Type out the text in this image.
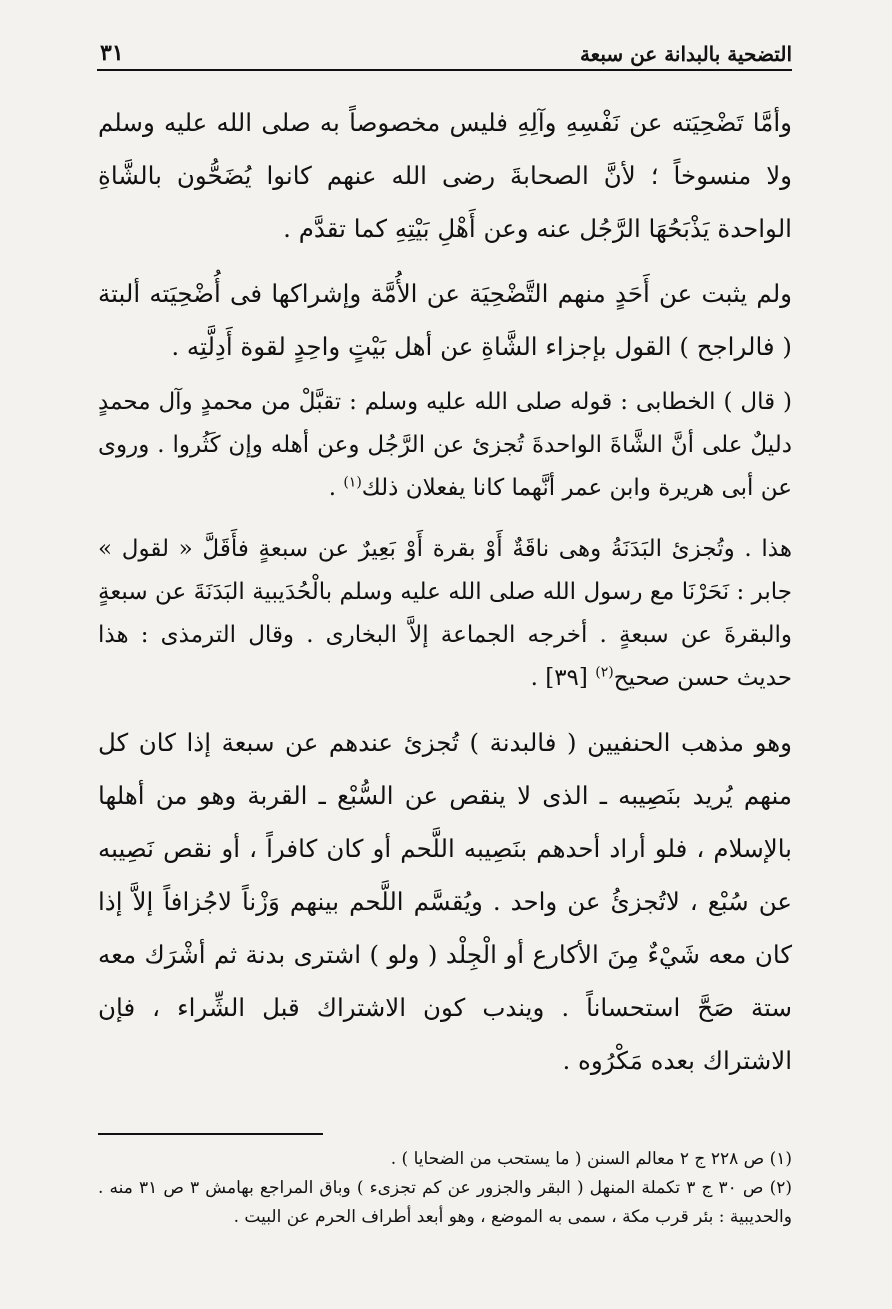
التضحية بالبدانة عن سبعة
٣١

وأمَّا تَضْحِيَته عن نَفْسِهِ وآلِهِ فليس مخصوصاً به صلى الله عليه وسلم ولا منسوخاً ؛ لأنَّ الصحابةَ رضى الله عنهم كانوا يُضَحُّون بالشَّاةِ الواحدة يَذْبَحُهَا الرَّجُل عنه وعن أَهْلِ بَيْتِهِ كما تقدَّم .

ولم يثبت عن أَحَدٍ منهم التَّضْحِيَة عن الأُمَّة وإشراكها فى أُضْحِيَته ألبتة ( فالراجح ) القول بإجزاء الشَّاةِ عن أهل بَيْتٍ واحِدٍ لقوة أَدِلَّتِه .

( قال ) الخطابى : قوله صلى الله عليه وسلم : تقبَّلْ من محمدٍ وآل محمدٍ دليلٌ على أنَّ الشَّاةَ الواحدةَ تُجزئ عن الرَّجُل وعن أهله وإن كَثُروا . وروى عن أبى هريرة وابن عمر أنَّهما كانا يفعلان ذلك$^{(١)}$ .

هذا . وتُجزئ البَدَنَةُ وهى ناقَةٌ أَوْ بقرة أَوْ بَعِيرٌ عن سبعةٍ فأَقَلَّ « لقول » جابر : نَحَرْنَا مع رسول الله صلى الله عليه وسلم بالْحُدَيبية البَدَنَةَ عن سبعةٍ والبقرةَ عن سبعةٍ . أخرجه الجماعة إلاَّ البخارى . وقال الترمذى : هذا حديث حسن صحيح$^{(٢)}$ [٣٩] .

وهو مذهب الحنفيين ( فالبدنة ) تُجزئ عندهم عن سبعة إذا كان كل منهم يُريد بنَصِيبه ـ الذى لا ينقص عن السُّبْع ـ القربة وهو من أهلها بالإسلام ، فلو أراد أحدهم بنَصِيبه اللَّحم أو كان كافراً ، أو نقص نَصِيبه عن سُبْع ، لاتُجزئُ عن واحد . ويُقسَّم اللَّحم بينهم وَزْناً لاجُزافاً إلاَّ إذا كان معه شَيْءٌ مِنَ الأكارع أو الْجِلْد ( ولو ) اشترى بدنة ثم أشْرَك معه ستة صَحَّ استحساناً . ويندب كون الاشتراك قبل الشِّراء ، فإن الاشتراك بعده مَكْرُوه .

(١) ص ٢٢٨ ج ٢ معالم السنن ( ما يستحب من الضحايا ) .

(٢) ص ٣٠ ج ٣ تكملة المنهل ( البقر والجزور عن كم تجزىء ) وباق المراجع بهامش ٣ ص ٣١ منه . والحديبية : بئر قرب مكة ، سمى به الموضع ، وهو أبعد أطراف الحرم عن البيت .
